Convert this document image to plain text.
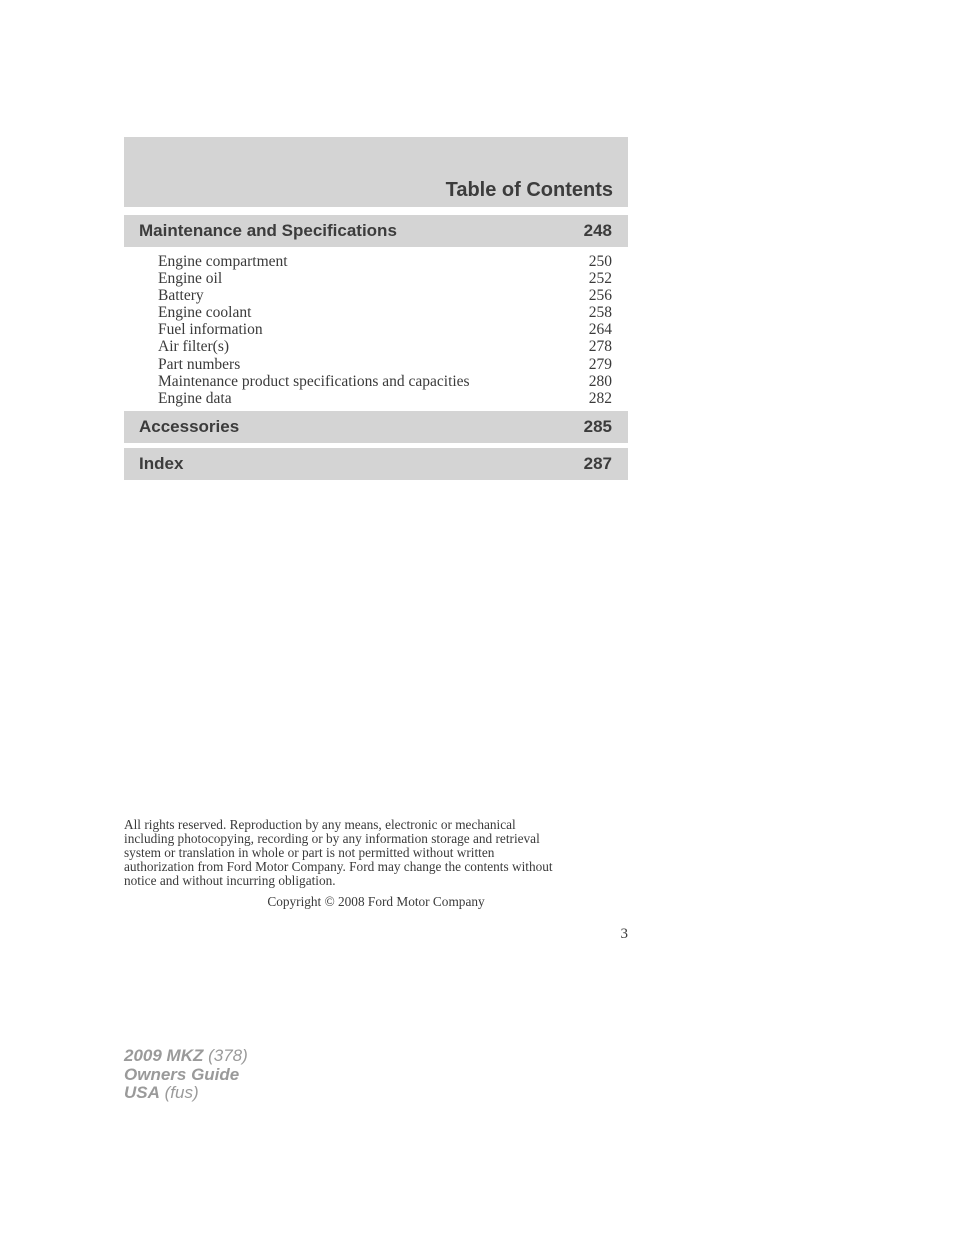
Table of Contents
Maintenance and Specifications	248
Engine compartment	250
Engine oil	252
Battery	256
Engine coolant	258
Fuel information	264
Air filter(s)	278
Part numbers	279
Maintenance product specifications and capacities	280
Engine data	282
Accessories	285
Index	287

All rights reserved. Reproduction by any means, electronic or mechanical
including photocopying, recording or by any information storage and retrieval
system or translation in whole or part is not permitted without written
authorization from Ford Motor Company. Ford may change the contents without
notice and without incurring obligation.

Copyright © 2008 Ford Motor Company
3
2009 MKZ (378)
Owners Guide
USA (fus)
